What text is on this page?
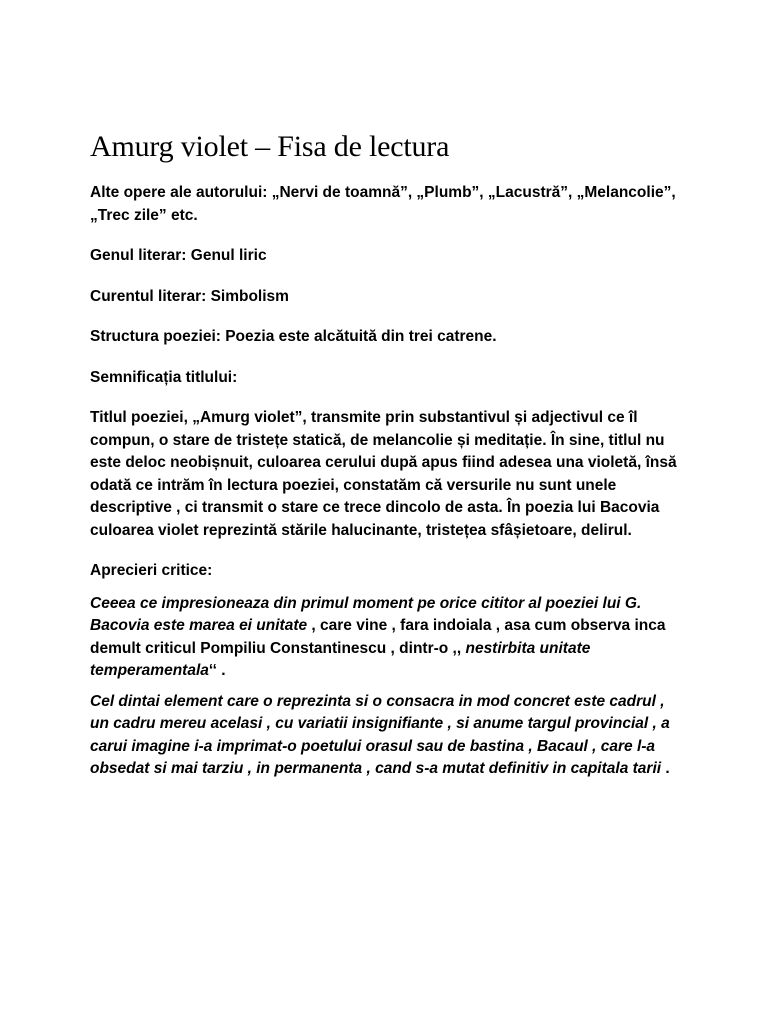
Amurg violet – Fisa de lectura

Alte opere ale autorului: „Nervi de toamnă”, „Plumb”, „Lacustră”, „Melancolie”, „Trec zile” etc.

Genul literar: Genul liric

Curentul literar: Simbolism

Structura poeziei: Poezia este alcătuită din trei catrene.

Semnificația titlului:

Titlul poeziei, „Amurg violet”, transmite prin substantivul și adjectivul ce îl compun, o stare de tristețe statică, de melancolie și meditație. În sine, titlul nu este deloc neobișnuit, culoarea cerului după apus fiind adesea una violetă, însă odată ce intrăm în lectura poeziei, constatăm că versurile nu sunt unele descriptive , ci transmit o stare ce trece dincolo de asta. În poezia lui Bacovia culoarea violet reprezintă stările halucinante, tristețea sfâșietoare, delirul.

Aprecieri critice:

Ceeea ce impresioneaza din primul moment pe orice cititor al poeziei lui G. Bacovia este marea ei unitate , care vine , fara indoiala , asa cum observa inca demult criticul Pompiliu Constantinescu , dintr-o ,, nestirbita unitate temperamentala‘‘ .

Cel dintai element care o reprezinta si o consacra in mod concret este cadrul , un cadru mereu acelasi , cu variatii insignifiante , si anume targul provincial , a carui imagine i-a imprimat-o poetului orasul sau de bastina , Bacaul , care l-a obsedat si mai tarziu , in permanenta , cand s-a mutat definitiv in capitala tarii .
